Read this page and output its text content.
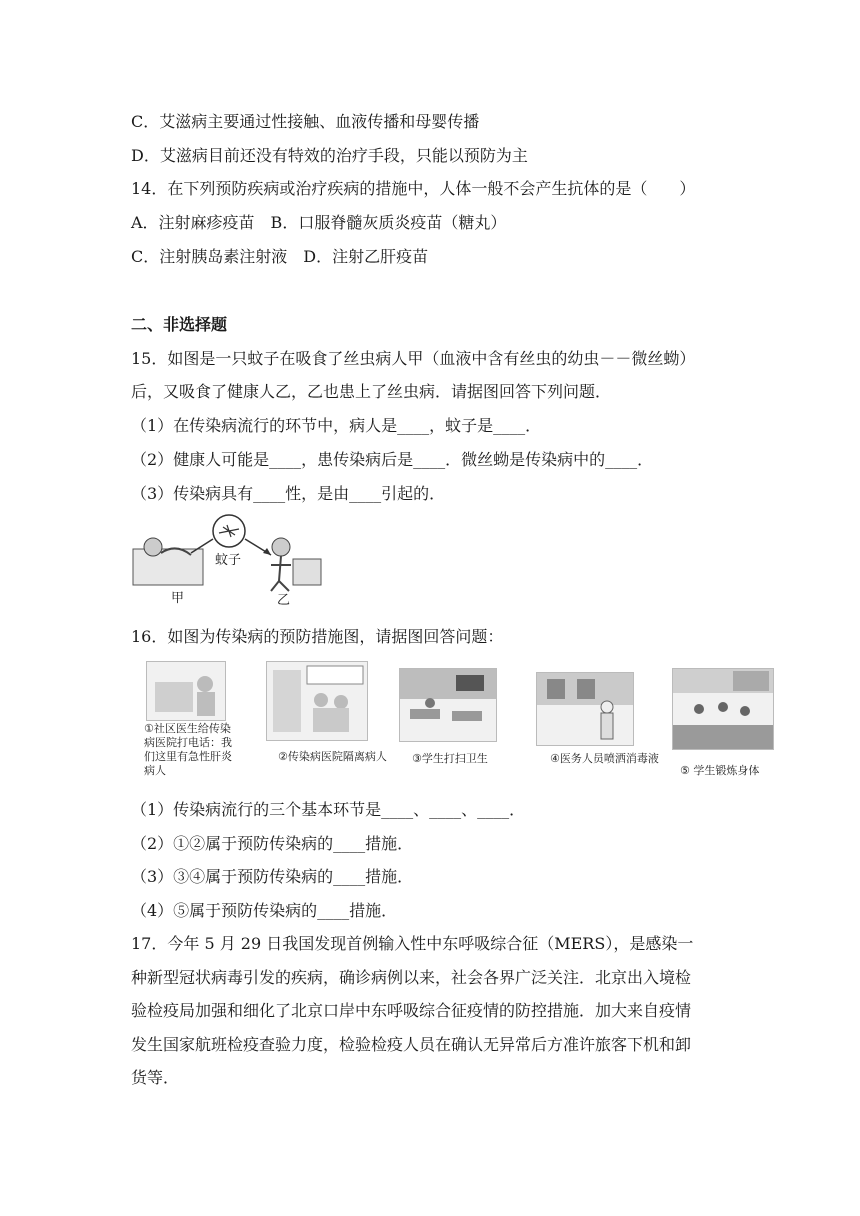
C．艾滋病主要通过性接触、血液传播和母婴传播
D．艾滋病目前还没有特效的治疗手段，只能以预防为主
14．在下列预防疾病或治疗疾病的措施中，人体一般不会产生抗体的是（　　）
A．注射麻疹疫苗　B．口服脊髓灰质炎疫苗（糖丸）
C．注射胰岛素注射液　D．注射乙肝疫苗
二、非选择题
15．如图是一只蚊子在吸食了丝虫病人甲（血液中含有丝虫的幼虫－－微丝蚴）
后，又吸食了健康人乙，乙也患上了丝虫病．请据图回答下列问题．
（1）在传染病流行的环节中，病人是____，蚊子是____．
（2）健康人可能是____，患传染病后是____．微丝蚴是传染病中的____．
（3）传染病具有____性，是由____引起的．
蚊子
甲	乙
16．如图为传染病的预防措施图，请据图回答问题：
①社区医生给传染病医院打电话：我们这里有急性肝炎病人
②传染病医院隔离病人 ③学生打扫卫生	④医务人员喷洒消毒液
⑤ 学生锻炼身体
（1）传染病流行的三个基本环节是____、____、____．
（2）①②属于预防传染病的____措施．
（3）③④属于预防传染病的____措施．
（4）⑤属于预防传染病的____措施．
17．今年 5 月 29 日我国发现首例输入性中东呼吸综合征（MERS），是感染一
种新型冠状病毒引发的疾病，确诊病例以来，社会各界广泛关注．北京出入境检
验检疫局加强和细化了北京口岸中东呼吸综合征疫情的防控措施．加大来自疫情
发生国家航班检疫查验力度，检验检疫人员在确认无异常后方准许旅客下机和卸
货等．
